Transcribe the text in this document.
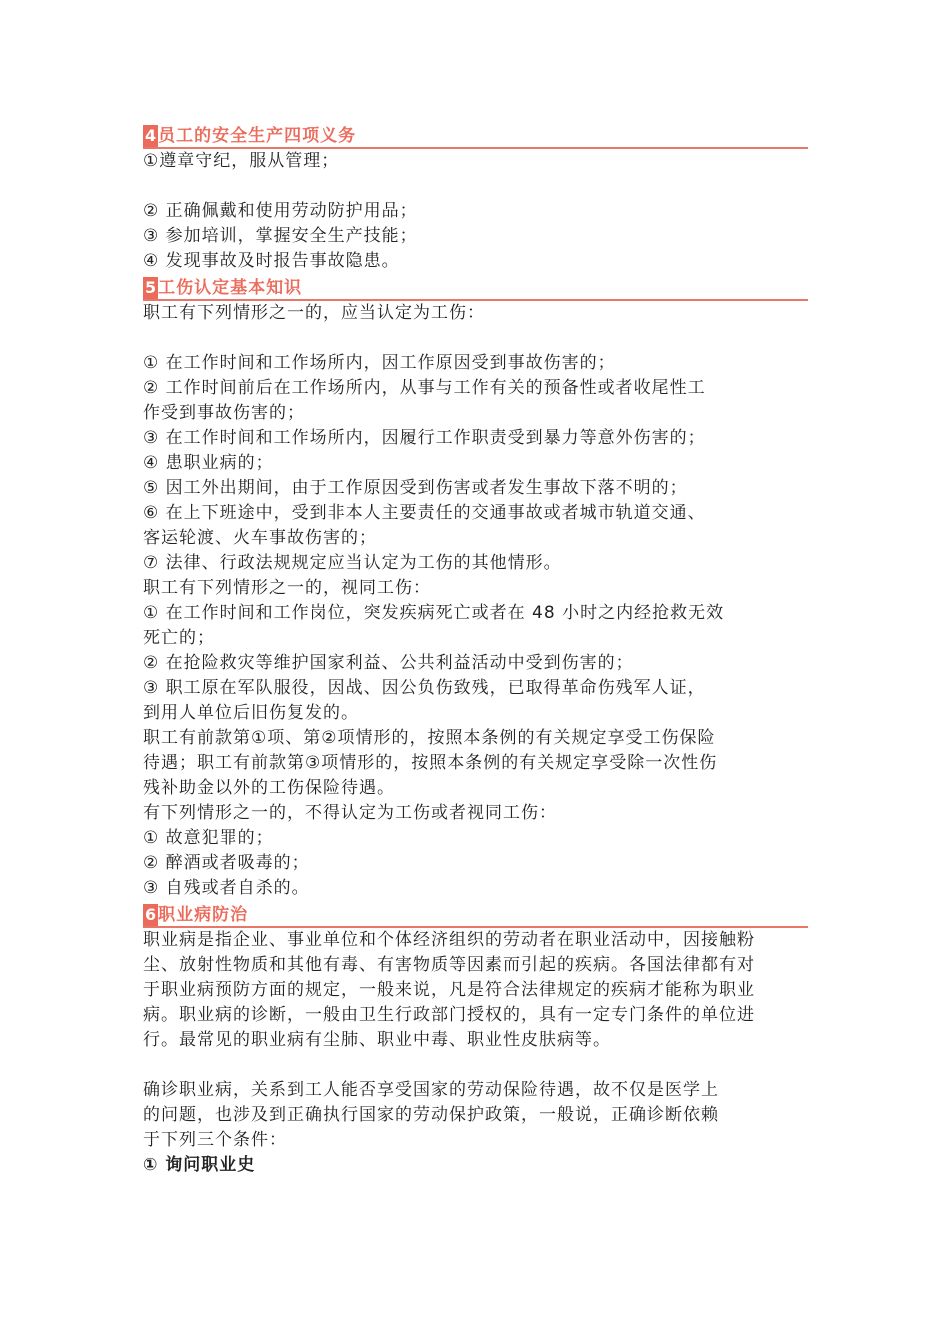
4 员工的安全生产四项义务
①遵章守纪，服从管理；
② 正确佩戴和使用劳动防护用品；
③ 参加培训，掌握安全生产技能；
④ 发现事故及时报告事故隐患。
5 工伤认定基本知识
职工有下列情形之一的，应当认定为工伤：
① 在工作时间和工作场所内，因工作原因受到事故伤害的；
② 工作时间前后在工作场所内，从事与工作有关的预备性或者收尾性工
作受到事故伤害的；
③ 在工作时间和工作场所内，因履行工作职责受到暴力等意外伤害的；
④ 患职业病的；
⑤ 因工外出期间，由于工作原因受到伤害或者发生事故下落不明的；
⑥ 在上下班途中，受到非本人主要责任的交通事故或者城市轨道交通、
客运轮渡、火车事故伤害的；
⑦ 法律、行政法规规定应当认定为工伤的其他情形。
职工有下列情形之一的，视同工伤：
① 在工作时间和工作岗位，突发疾病死亡或者在 48 小时之内经抢救无效
死亡的；
② 在抢险救灾等维护国家利益、公共利益活动中受到伤害的；
③ 职工原在军队服役，因战、因公负伤致残，已取得革命伤残军人证，
到用人单位后旧伤复发的。
职工有前款第①项、第②项情形的，按照本条例的有关规定享受工伤保险
待遇；职工有前款第③项情形的，按照本条例的有关规定享受除一次性伤
残补助金以外的工伤保险待遇。
有下列情形之一的，不得认定为工伤或者视同工伤：
① 故意犯罪的；
② 醉酒或者吸毒的；
③ 自残或者自杀的。
6 职业病防治
职业病是指企业、事业单位和个体经济组织的劳动者在职业活动中，因接触粉
尘、放射性物质和其他有毒、有害物质等因素而引起的疾病。各国法律都有对
于职业病预防方面的规定，一般来说，凡是符合法律规定的疾病才能称为职业
病。职业病的诊断，一般由卫生行政部门授权的，具有一定专门条件的单位进
行。最常见的职业病有尘肺、职业中毒、职业性皮肤病等。
确诊职业病，关系到工人能否享受国家的劳动保险待遇，故不仅是医学上
的问题，也涉及到正确执行国家的劳动保护政策，一般说，正确诊断依赖
于下列三个条件：
① 询问职业史
